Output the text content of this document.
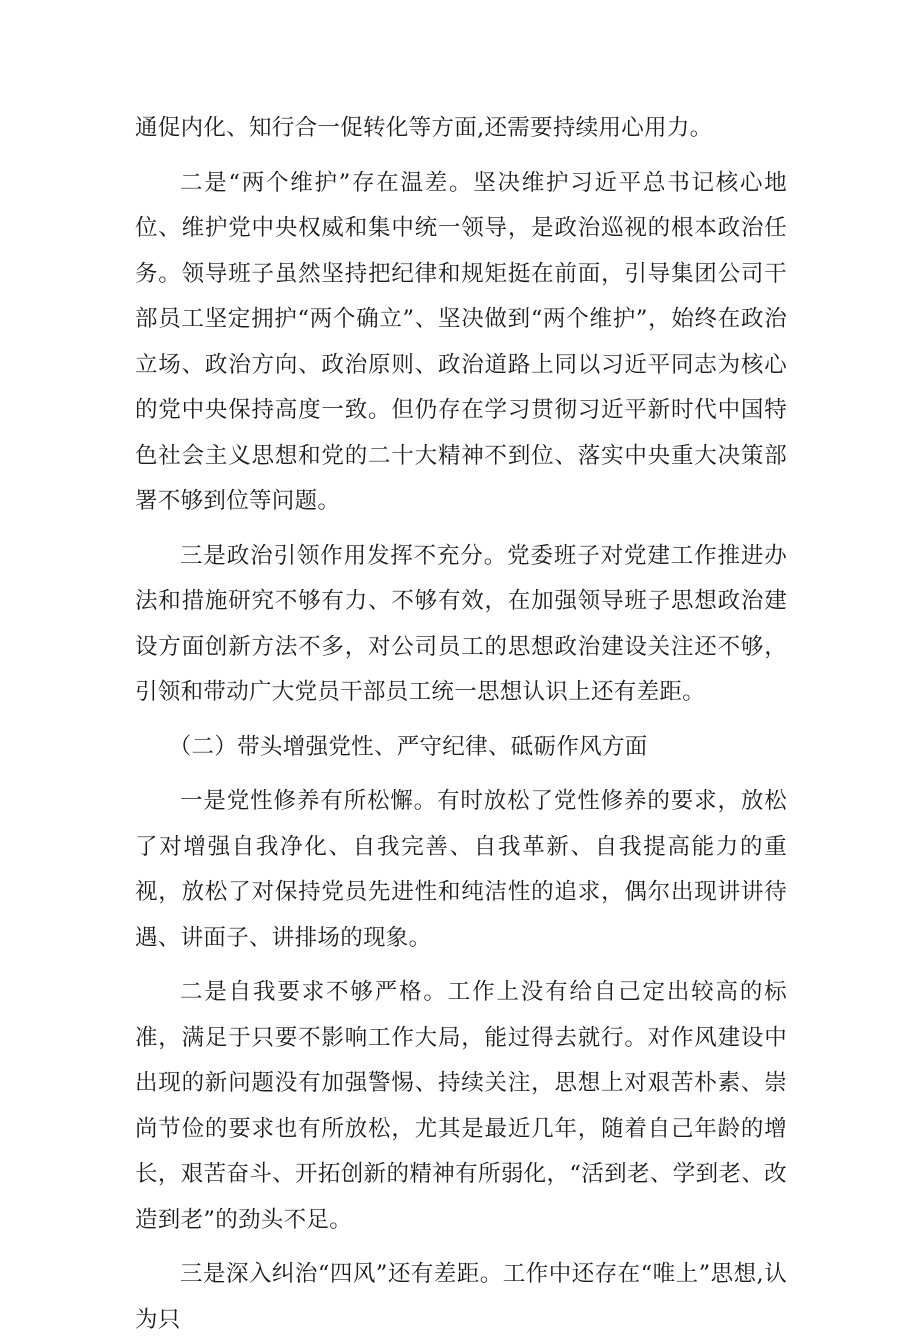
通促内化、知行合一促转化等方面,还需要持续用心用力。

二是“两个维护”存在温差。坚决维护习近平总书记核心地位、维护党中央权威和集中统一领导，是政治巡视的根本政治任务。领导班子虽然坚持把纪律和规矩挺在前面，引导集团公司干部员工坚定拥护“两个确立”、坚决做到“两个维护”，始终在政治立场、政治方向、政治原则、政治道路上同以习近平同志为核心的党中央保持高度一致。但仍存在学习贯彻习近平新时代中国特色社会主义思想和党的二十大精神不到位、落实中央重大决策部署不够到位等问题。

三是政治引领作用发挥不充分。党委班子对党建工作推进办法和措施研究不够有力、不够有效，在加强领导班子思想政治建设方面创新方法不多，对公司员工的思想政治建设关注还不够，引领和带动广大党员干部员工统一思想认识上还有差距。

（二）带头增强党性、严守纪律、砥砺作风方面

一是党性修养有所松懈。有时放松了党性修养的要求，放松了对增强自我净化、自我完善、自我革新、自我提高能力的重视，放松了对保持党员先进性和纯洁性的追求，偶尔出现讲讲待遇、讲面子、讲排场的现象。

二是自我要求不够严格。工作上没有给自己定出较高的标准，满足于只要不影响工作大局，能过得去就行。对作风建设中出现的新问题没有加强警惕、持续关注，思想上对艰苦朴素、崇尚节俭的要求也有所放松，尤其是最近几年，随着自己年龄的增长，艰苦奋斗、开拓创新的精神有所弱化，“活到老、学到老、改造到老”的劲头不足。

三是深入纠治“四风”还有差距。工作中还存在“唯上”思想,认为只
